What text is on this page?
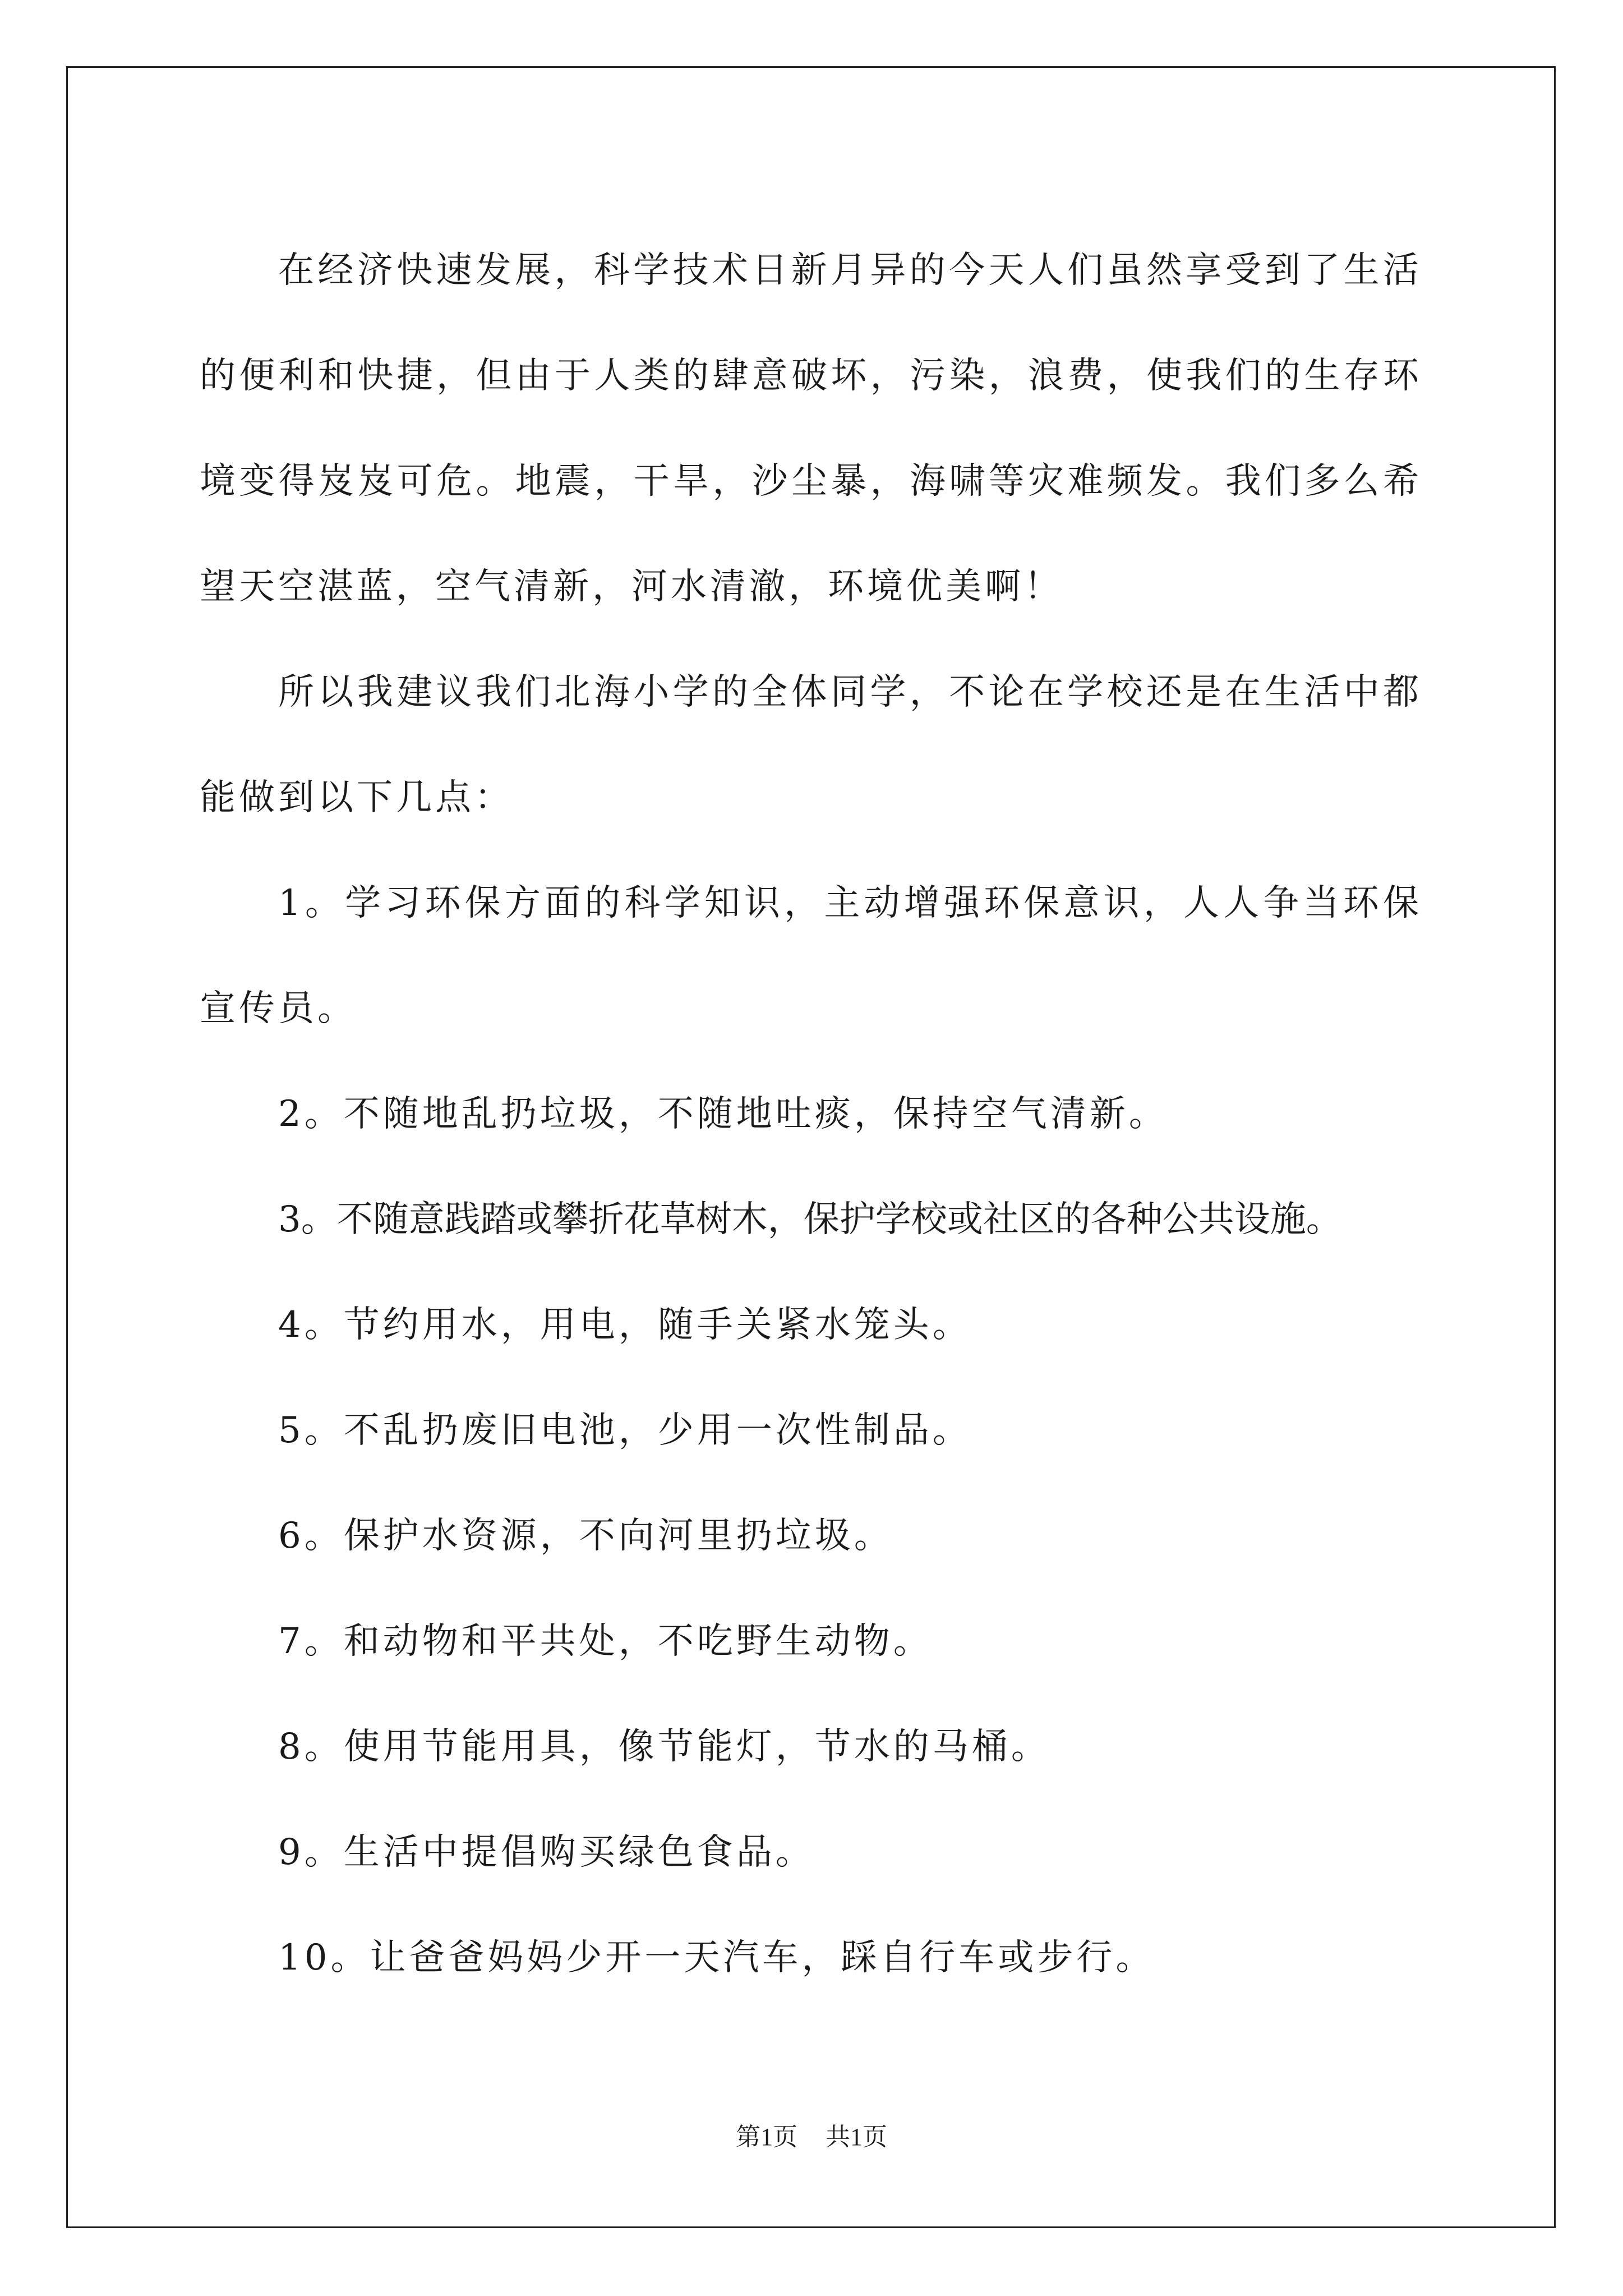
在经济快速发展，科学技术日新月异的今天人们虽然享受到了生活的便利和快捷，但由于人类的肆意破坏，污染，浪费，使我们的生存环境变得岌岌可危。地震，干旱，沙尘暴，海啸等灾难频发。我们多么希望天空湛蓝，空气清新，河水清澈，环境优美啊！

所以我建议我们北海小学的全体同学，不论在学校还是在生活中都能做到以下几点：

1。学习环保方面的科学知识，主动增强环保意识，人人争当环保宣传员。

2。不随地乱扔垃圾，不随地吐痰，保持空气清新。

3。不随意践踏或攀折花草树木，保护学校或社区的各种公共设施。

4。节约用水，用电，随手关紧水笼头。

5。不乱扔废旧电池，少用一次性制品。

6。保护水资源，不向河里扔垃圾。

7。和动物和平共处，不吃野生动物。

8。使用节能用具，像节能灯，节水的马桶。

9。生活中提倡购买绿色食品。

10。让爸爸妈妈少开一天汽车，踩自行车或步行。

第1页 共1页
